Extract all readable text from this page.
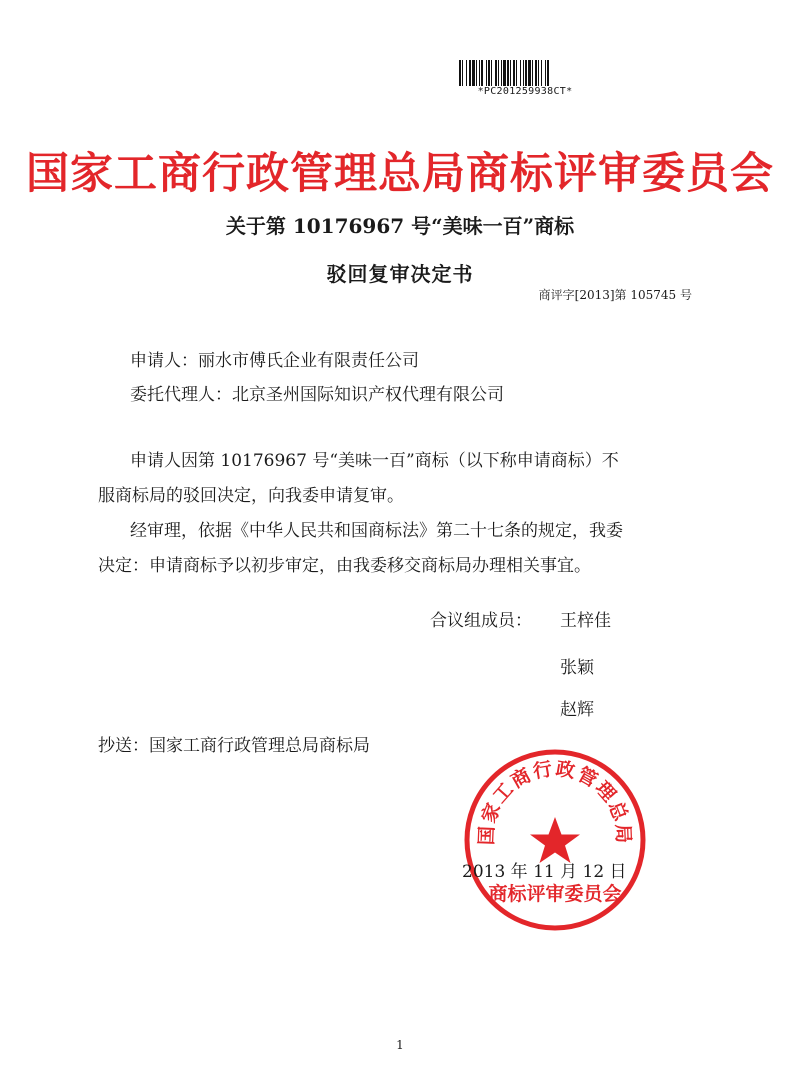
*PC201259938CT*
国家工商行政管理总局商标评审委员会
关于第 10176967 号“美味一百”商标
驳回复审决定书
商评字[2013]第 105745 号
申请人：丽水市傅氏企业有限责任公司
委托代理人：北京圣州国际知识产权代理有限公司
申请人因第 10176967 号“美味一百”商标（以下称申请商标）不
服商标局的驳回决定，向我委申请复审。
经审理，依据《中华人民共和国商标法》第二十七条的规定，我委
决定：申请商标予以初步审定，由我委移交商标局办理相关事宜。
合议组成员： 王梓佳
张颖
赵辉
抄送：国家工商行政管理总局商标局
国家工商行政管理总局
商标评审委员会
2013 年 11 月 12 日
1
